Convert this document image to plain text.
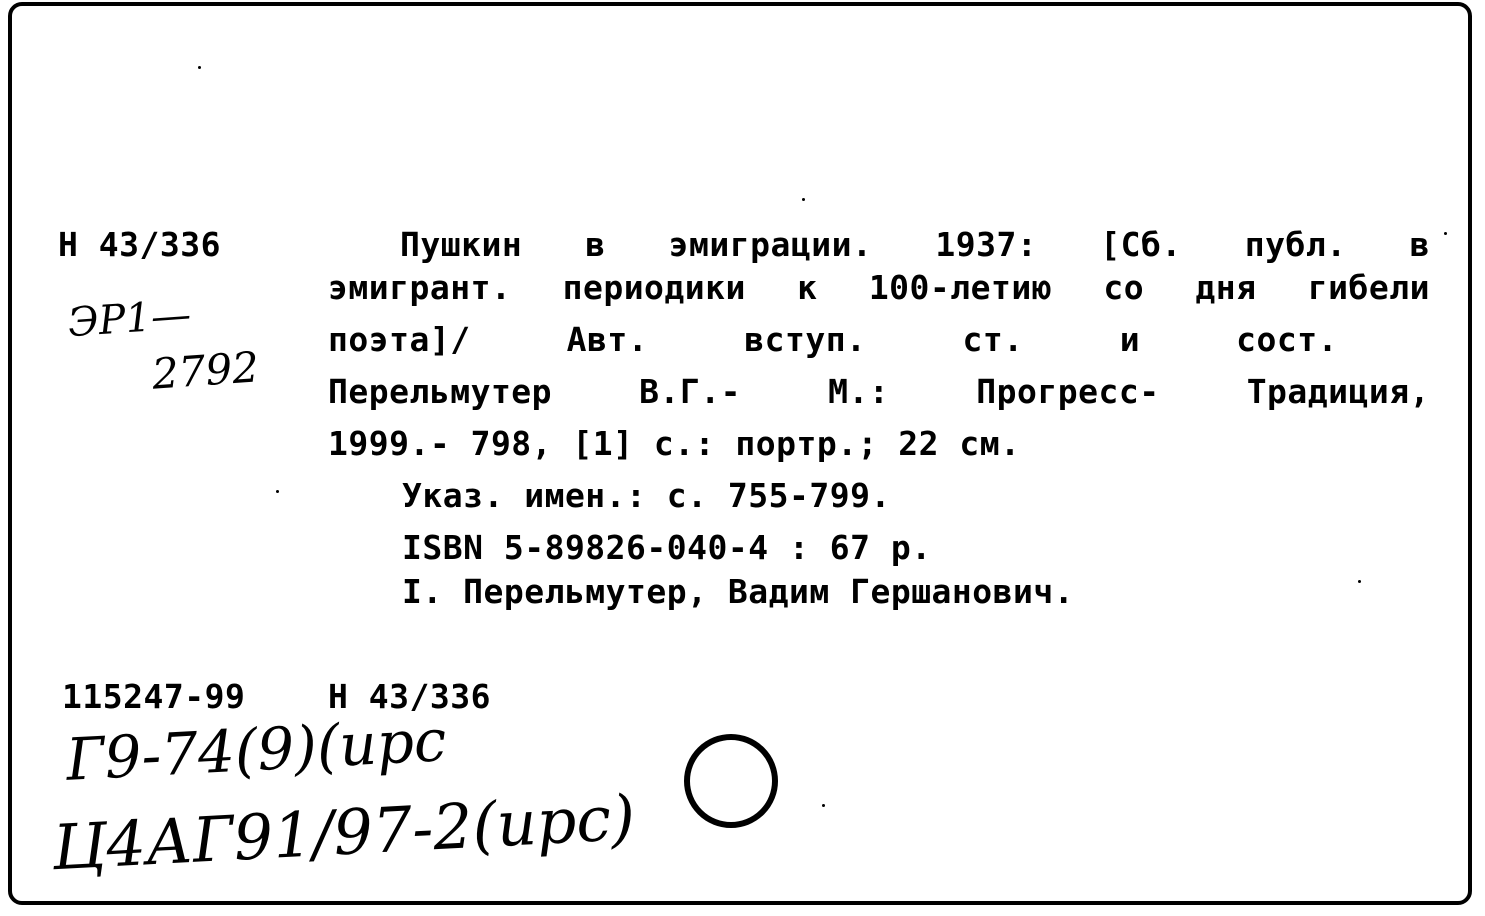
Н 43/336
ЭР1—
2792
Пушкин в эмиграции. 1937: [Сб. публ. в
эмигрант. периодики к 100-летию со дня гибели
поэта]/ Авт. вступ. ст. и сост.
Перельмутер В.Г.- М.: Прогресс- Традиция,
1999.- 798, [1] с.: портр.; 22 см.
Указ. имен.: с. 755-799.
ISBN 5-89826-040-4 : 67 р.
I. Перельмутер, Вадим Гершанович.
115247-99	Н 43/336
Г9-74(9)(ирс
Ц4АГ91/97-2(ирс)
